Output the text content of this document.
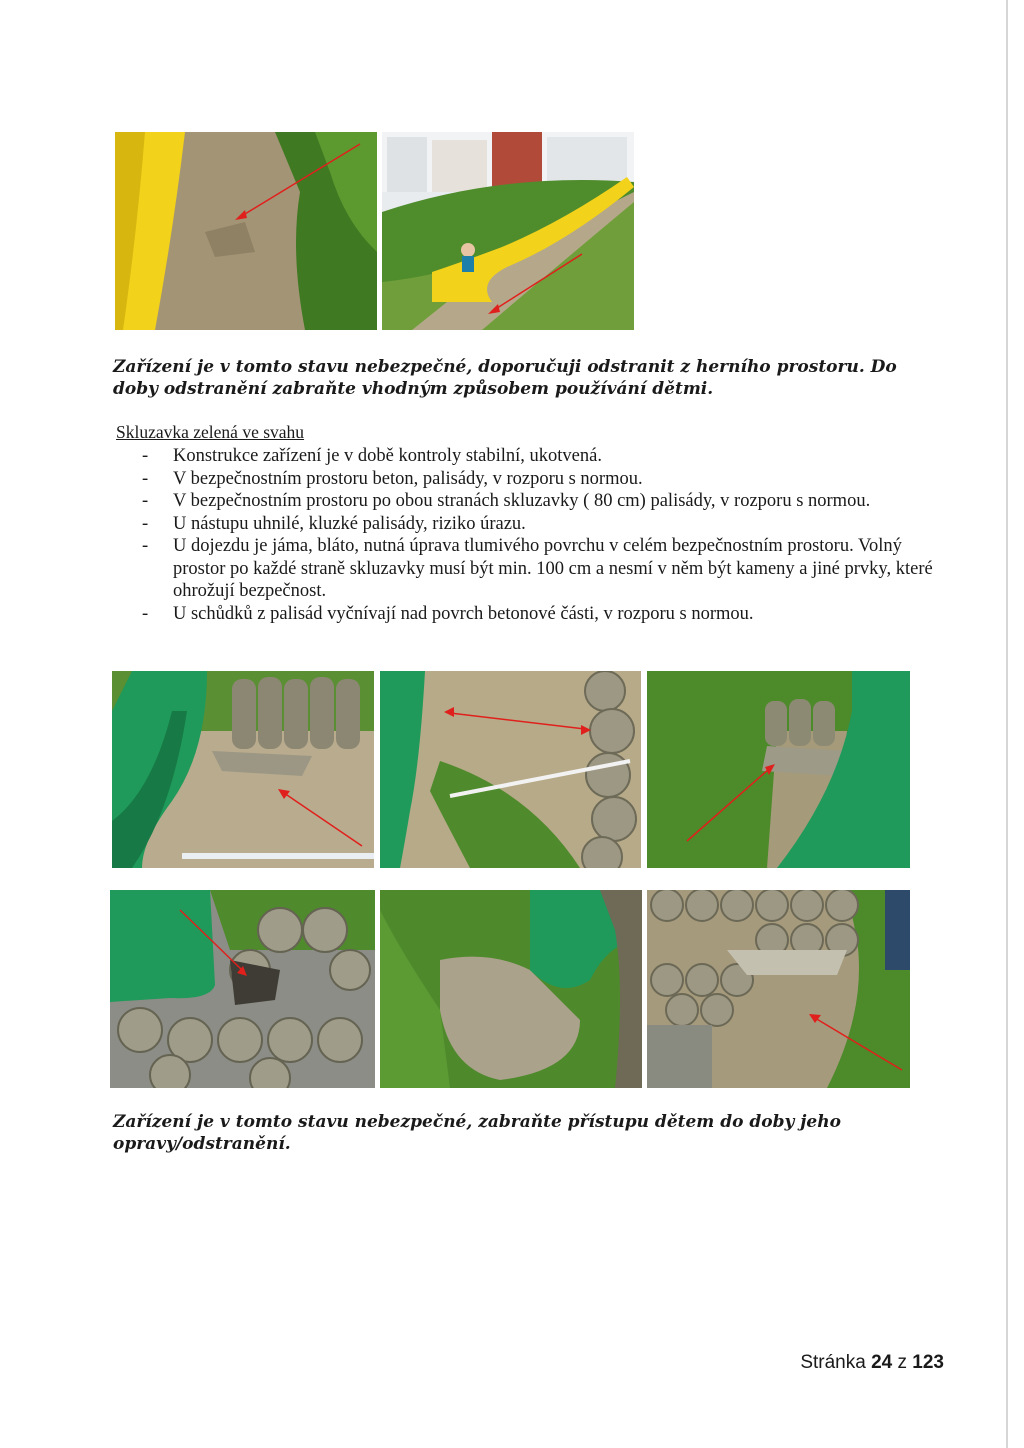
Zařízení je v tomto stavu nebezpečné, doporučuji odstranit z herního prostoru. Do doby odstranění zabraňte vhodným způsobem používání dětmi.

Skluzavka zelená ve svahu
- Konstrukce zařízení je v době kontroly stabilní, ukotvená.
- V bezpečnostním prostoru beton, palisády, v rozporu s normou.
- V bezpečnostním prostoru po obou stranách skluzavky ( 80 cm) palisády, v rozporu s normou.
- U nástupu uhnilé, kluzké palisády, riziko úrazu.
- U dojezdu je jáma, bláto, nutná úprava tlumivého povrchu v celém bezpečnostním prostoru. Volný prostor po každé straně skluzavky musí být min. 100 cm a nesmí v něm být kameny a jiné prvky, které ohrožují bezpečnost.
- U schůdků z palisád vyčnívají nad povrch betonové části, v rozporu s normou.

Zařízení je v tomto stavu nebezpečné, zabraňte přístupu dětem do doby jeho opravy/odstranění.

Stránka 24 z 123
